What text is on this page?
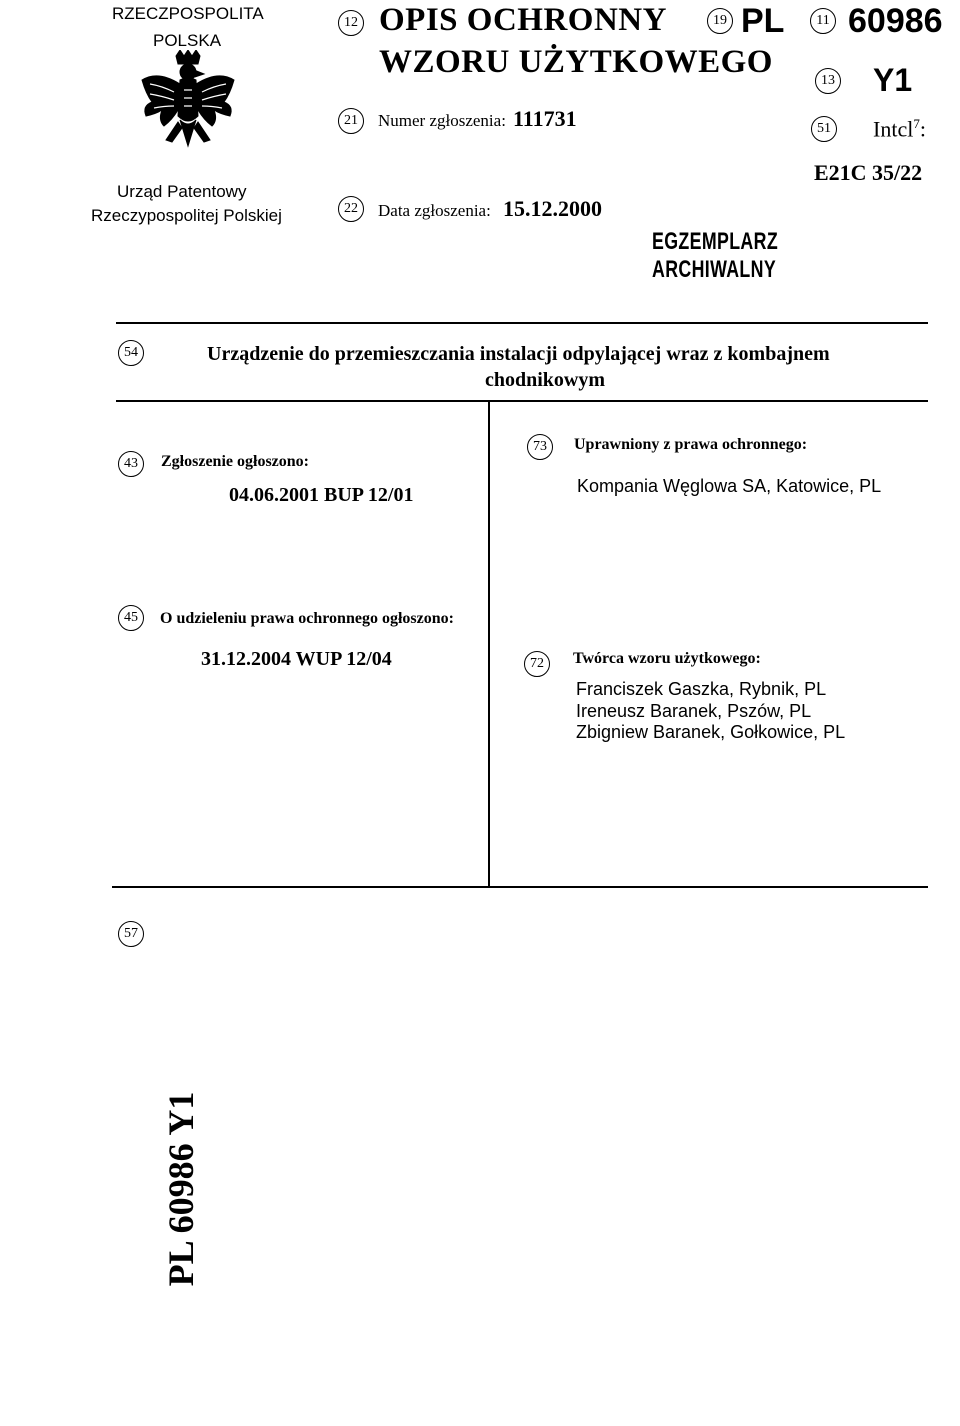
RZECZPOSPOLITA
POLSKA
Urząd Patentowy
Rzeczypospolitej Polskiej
12 OPIS OCHRONNY
WZORU UŻYTKOWEGO
21	Numer zgłoszenia: 111731
22	Data zgłoszenia: 15.12.2000
19 PL	11 60986
13 Y1
51 Intcl$^7$:
E21C 35/22
EGZEMPLARZ ARCHIWALNY
54	Urządzenie do przemieszczania instalacji odpylającej wraz z kombajnem
chodnikowym
43	Zgłoszenie ogłoszono:
04.06.2001 BUP 12/01
73	Uprawniony z prawa ochronnego:
Kompania Węglowa SA, Katowice, PL
45	O udzieleniu prawa ochronnego ogłoszono:
31.12.2004 WUP 12/04	72	Twórca wzoru użytkowego:
Franciszek Gaszka, Rybnik, PL
Ireneusz Baranek, Pszów, PL
Zbigniew Baranek, Gołkowice, PL
57
PL 60986 Y1
